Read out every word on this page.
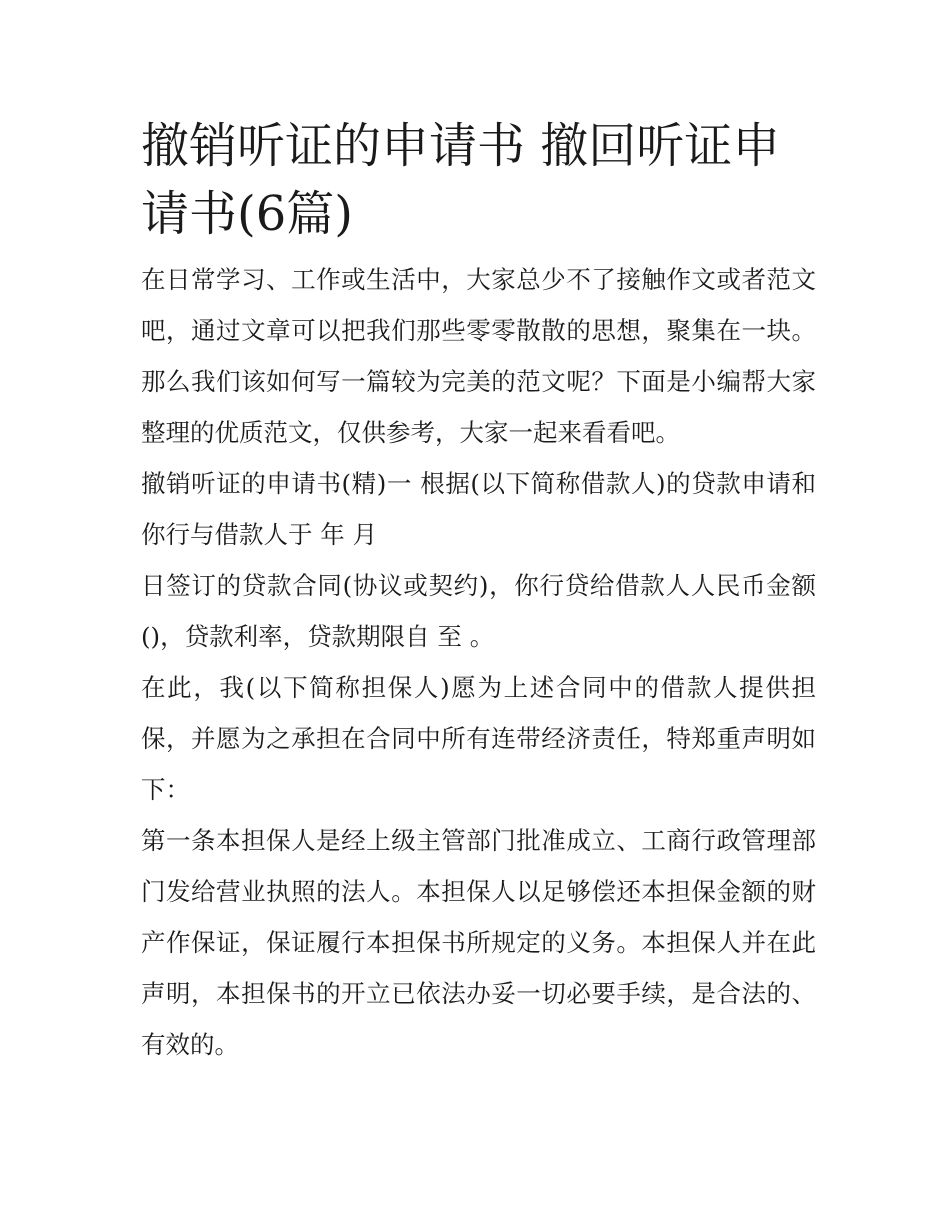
撤销听证的申请书 撤回听证申请书(6篇)

在日常学习、工作或生活中，大家总少不了接触作文或者范文吧，通过文章可以把我们那些零零散散的思想，聚集在一块。那么我们该如何写一篇较为完美的范文呢？下面是小编帮大家整理的优质范文，仅供参考，大家一起来看看吧。

撤销听证的申请书(精)一 根据(以下简称借款人)的贷款申请和你行与借款人于 年 月

日签订的贷款合同(协议或契约)，你行贷给借款人人民币金额()，贷款利率，贷款期限自 至 。

在此，我(以下简称担保人)愿为上述合同中的借款人提供担保，并愿为之承担在合同中所有连带经济责任，特郑重声明如下：

第一条本担保人是经上级主管部门批准成立、工商行政管理部门发给营业执照的法人。本担保人以足够偿还本担保金额的财产作保证，保证履行本担保书所规定的义务。本担保人并在此声明，本担保书的开立已依法办妥一切必要手续，是合法的、有效的。
